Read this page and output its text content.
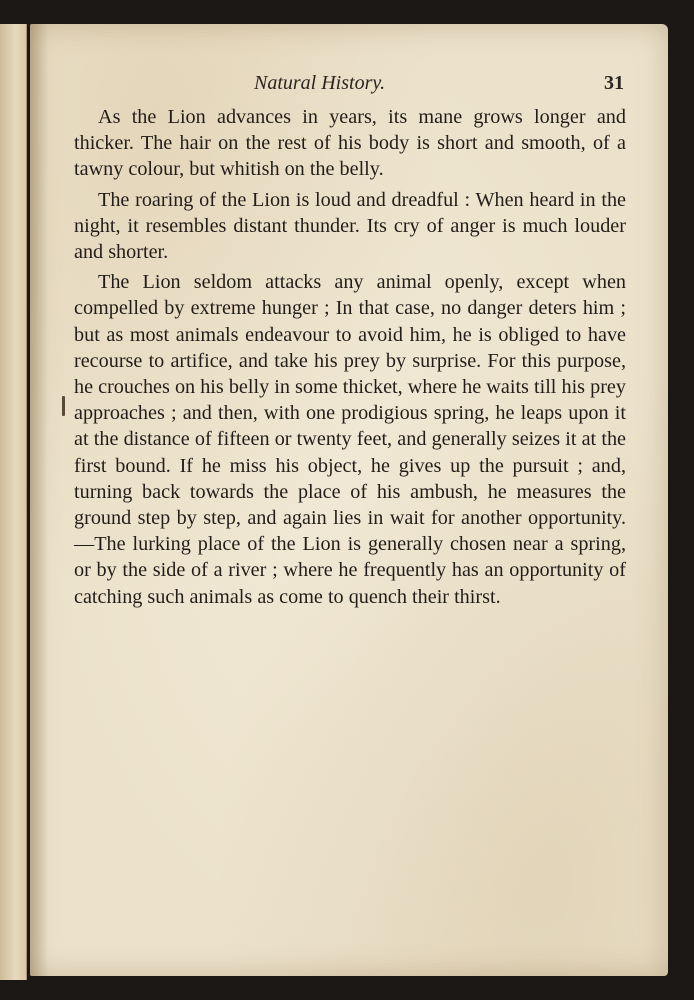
Natural History.	31

As the Lion advances in years, its mane grows longer and thicker. The hair on the rest of his body is short and smooth, of a tawny colour, but whitish on the belly.

The roaring of the Lion is loud and dreadful : When heard in the night, it resembles distant thunder. Its cry of anger is much louder and shorter.

The Lion seldom attacks any animal openly, except when compelled by extreme hunger ; In that case, no danger deters him ; but as most animals endeavour to avoid him, he is obliged to have recourse to artifice, and take his prey by surprise. For this purpose, he crouches on his belly in some thicket, where he waits till his prey approaches ; and then, with one prodigious spring, he leaps upon it at the distance of fifteen or twenty feet, and generally seizes it at the first bound. If he miss his object, he gives up the pursuit ; and, turning back towards the place of his ambush, he measures the ground step by step, and again lies in wait for another opportunity.—The lurking place of the Lion is generally chosen near a spring, or by the side of a river ; where he frequently has an opportunity of catching such animals as come to quench their thirst.
